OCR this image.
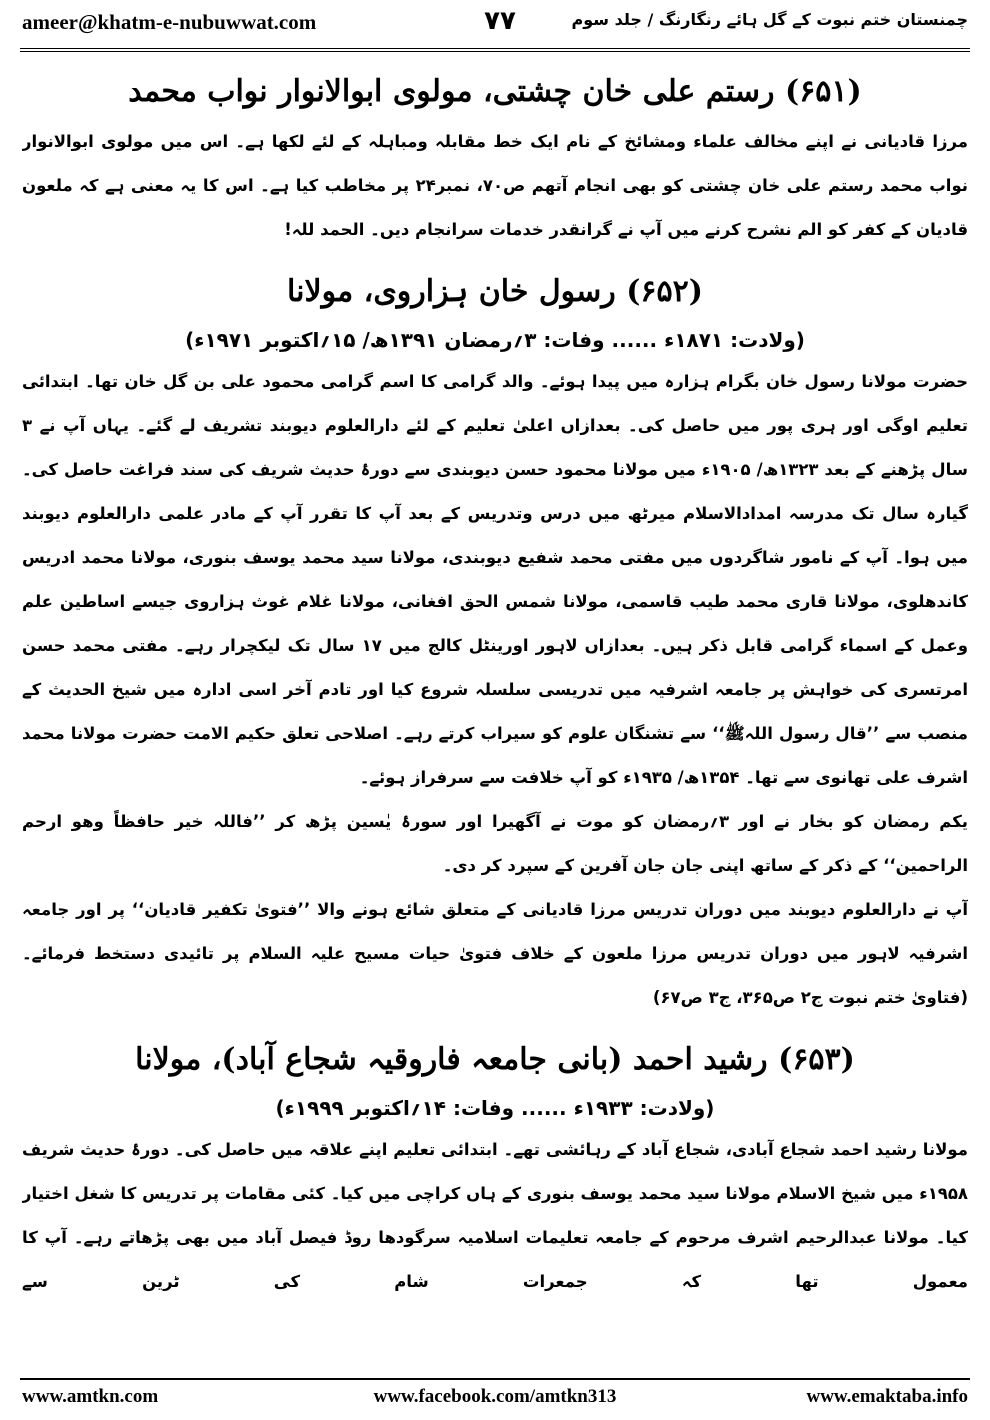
ameer@khatm-e-nubuwwat.com	۷۷	چمنستان ختم نبوت کے گل ہائے رنگارنگ / جلد سوم
(۶۵۱) رستم علی خان چشتی، مولوی ابوالانوار نواب محمد

مرزا قادیانی نے اپنے مخالف علماء ومشائخ کے نام ایک خط مقابلہ ومباہلہ کے لئے لکھا ہے۔ اس میں مولوی ابوالانوار نواب محمد رستم علی خان چشتی کو بھی انجام آتھم ص۷۰، نمبر۲۴ پر مخاطب کیا ہے۔ اس کا یہ معنی ہے کہ ملعون قادیان کے کفر کو الم نشرح کرنے میں آپ نے گرانقدر خدمات سرانجام دیں۔ الحمد للہ!

(۶۵۲) رسول خان ہزاروی، مولانا
(ولادت: ۱۸۷۱ء ...... وفات: ۳؍رمضان ۱۳۹۱ھ/ ۱۵؍اکتوبر ۱۹۷۱ء)

حضرت مولانا رسول خان بگرام ہزارہ میں پیدا ہوئے۔ والد گرامی کا اسم گرامی محمود علی بن گل خان تھا۔ ابتدائی تعلیم اوگی اور ہری پور میں حاصل کی۔ بعدازاں اعلیٰ تعلیم کے لئے دارالعلوم دیوبند تشریف لے گئے۔ یہاں آپ نے ۳ سال پڑھنے کے بعد ۱۳۲۳ھ/ ۱۹۰۵ء میں مولانا محمود حسن دیوبندی سے دورۂ حدیث شریف کی سند فراغت حاصل کی۔ گیارہ سال تک مدرسہ امدادالاسلام میرٹھ میں درس وتدریس کے بعد آپ کا تقرر آپ کے مادر علمی دارالعلوم دیوبند میں ہوا۔ آپ کے نامور شاگردوں میں مفتی محمد شفیع دیوبندی، مولانا سید محمد یوسف بنوری، مولانا محمد ادریس کاندھلوی، مولانا قاری محمد طیب قاسمی، مولانا شمس الحق افغانی، مولانا غلام غوث ہزاروی جیسے اساطین علم وعمل کے اسماء گرامی قابل ذکر ہیں۔ بعدازاں لاہور اورینٹل کالج میں ۱۷ سال تک لیکچرار رہے۔ مفتی محمد حسن امرتسری کی خواہش پر جامعہ اشرفیہ میں تدریسی سلسلہ شروع کیا اور تادم آخر اسی ادارہ میں شیخ الحدیث کے منصب سے ’’قال رسول اللہﷺ‘‘ سے تشنگان علوم کو سیراب کرتے رہے۔ اصلاحی تعلق حکیم الامت حضرت مولانا محمد اشرف علی تھانوی سے تھا۔ ۱۳۵۴ھ/ ۱۹۳۵ء کو آپ خلافت سے سرفراز ہوئے۔

یکم رمضان کو بخار نے اور ۳؍رمضان کو موت نے آگھیرا اور سورۂ یٰسین پڑھ کر ’’فاللہ خیر حافظاً وھو ارحم الراحمین‘‘ کے ذکر کے ساتھ اپنی جان جان آفرین کے سپرد کر دی۔

آپ نے دارالعلوم دیوبند میں دوران تدریس مرزا قادیانی کے متعلق شائع ہونے والا ’’فتویٰ تکفیر قادیان‘‘ پر اور جامعہ اشرفیہ لاہور میں دوران تدریس مرزا ملعون کے خلاف فتویٰ حیات مسیح علیہ السلام پر تائیدی دستخط فرمائے۔ (فتاویٰ ختم نبوت ج۲ ص۳۶۵، ج۳ ص۶۷)

(۶۵۳) رشید احمد (بانی جامعہ فاروقیہ شجاع آباد)، مولانا
(ولادت: ۱۹۳۳ء ...... وفات: ۱۴؍اکتوبر ۱۹۹۹ء)

مولانا رشید احمد شجاع آبادی، شجاع آباد کے رہائشی تھے۔ ابتدائی تعلیم اپنے علاقہ میں حاصل کی۔ دورۂ حدیث شریف ۱۹۵۸ء میں شیخ الاسلام مولانا سید محمد یوسف بنوری کے ہاں کراچی میں کیا۔ کئی مقامات پر تدریس کا شغل اختیار کیا۔ مولانا عبدالرحیم اشرف مرحوم کے جامعہ تعلیمات اسلامیہ سرگودھا روڈ فیصل آباد میں بھی پڑھاتے رہے۔ آپ کا معمول تھا کہ جمعرات شام کی ٹرین سے

www.amtkn.com	www.facebook.com/amtkn313	www.emaktaba.info
